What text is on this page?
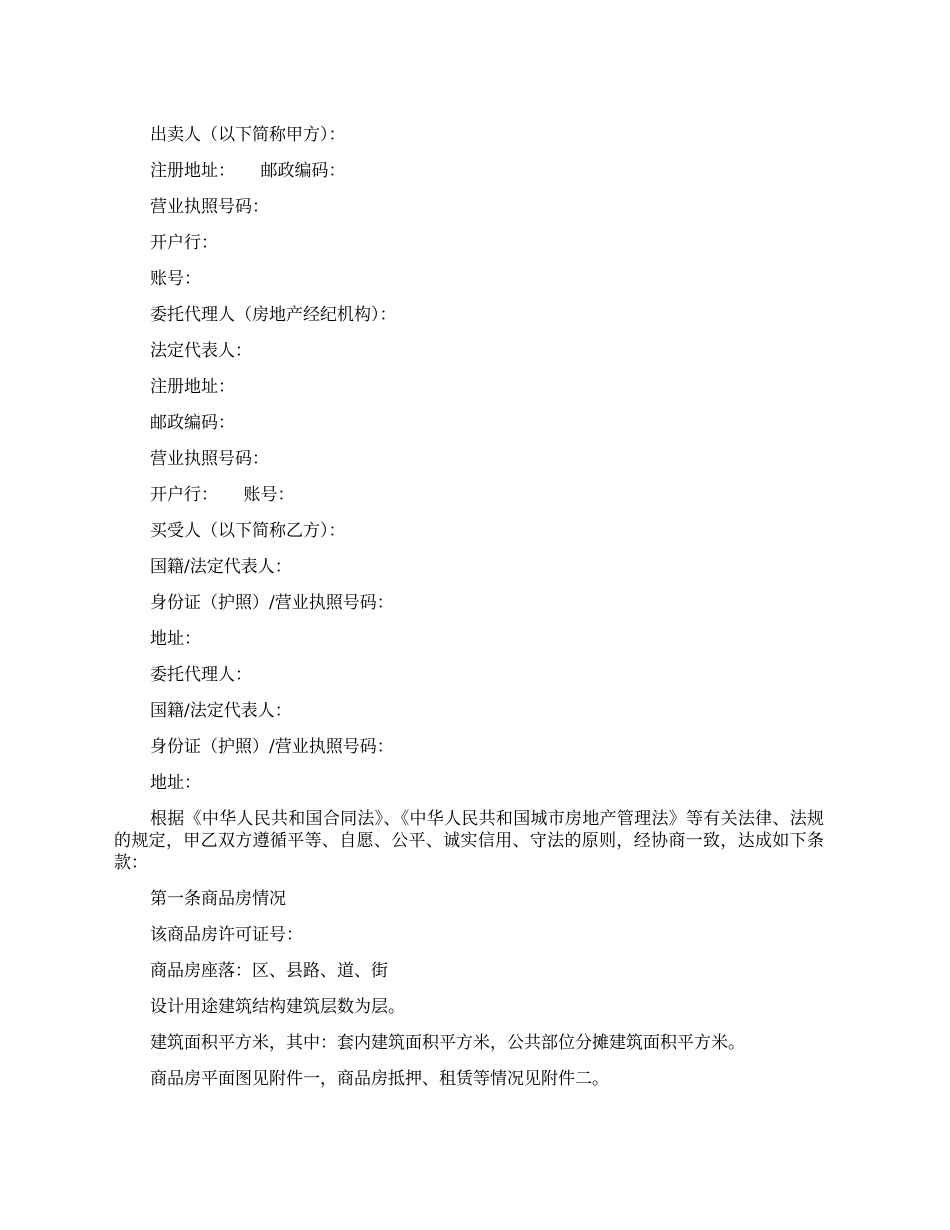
出卖人（以下简称甲方）：
注册地址：　　邮政编码：
营业执照号码：
开户行：
账号：
委托代理人（房地产经纪机构）：
法定代表人：
注册地址：
邮政编码：
营业执照号码：
开户行：　　账号：
买受人（以下简称乙方）：
国籍/法定代表人：
身份证（护照）/营业执照号码：
地址：
委托代理人：
国籍/法定代表人：
身份证（护照）/营业执照号码：
地址：
根据《中华人民共和国合同法》、《中华人民共和国城市房地产管理法》等有关法律、法规的规定，甲乙双方遵循平等、自愿、公平、诚实信用、守法的原则，经协商一致，达成如下条款：
第一条商品房情况
该商品房许可证号：
商品房座落：区、县路、道、街
设计用途建筑结构建筑层数为层。
建筑面积平方米，其中：套内建筑面积平方米，公共部位分摊建筑面积平方米。
商品房平面图见附件一，商品房抵押、租赁等情况见附件二。
